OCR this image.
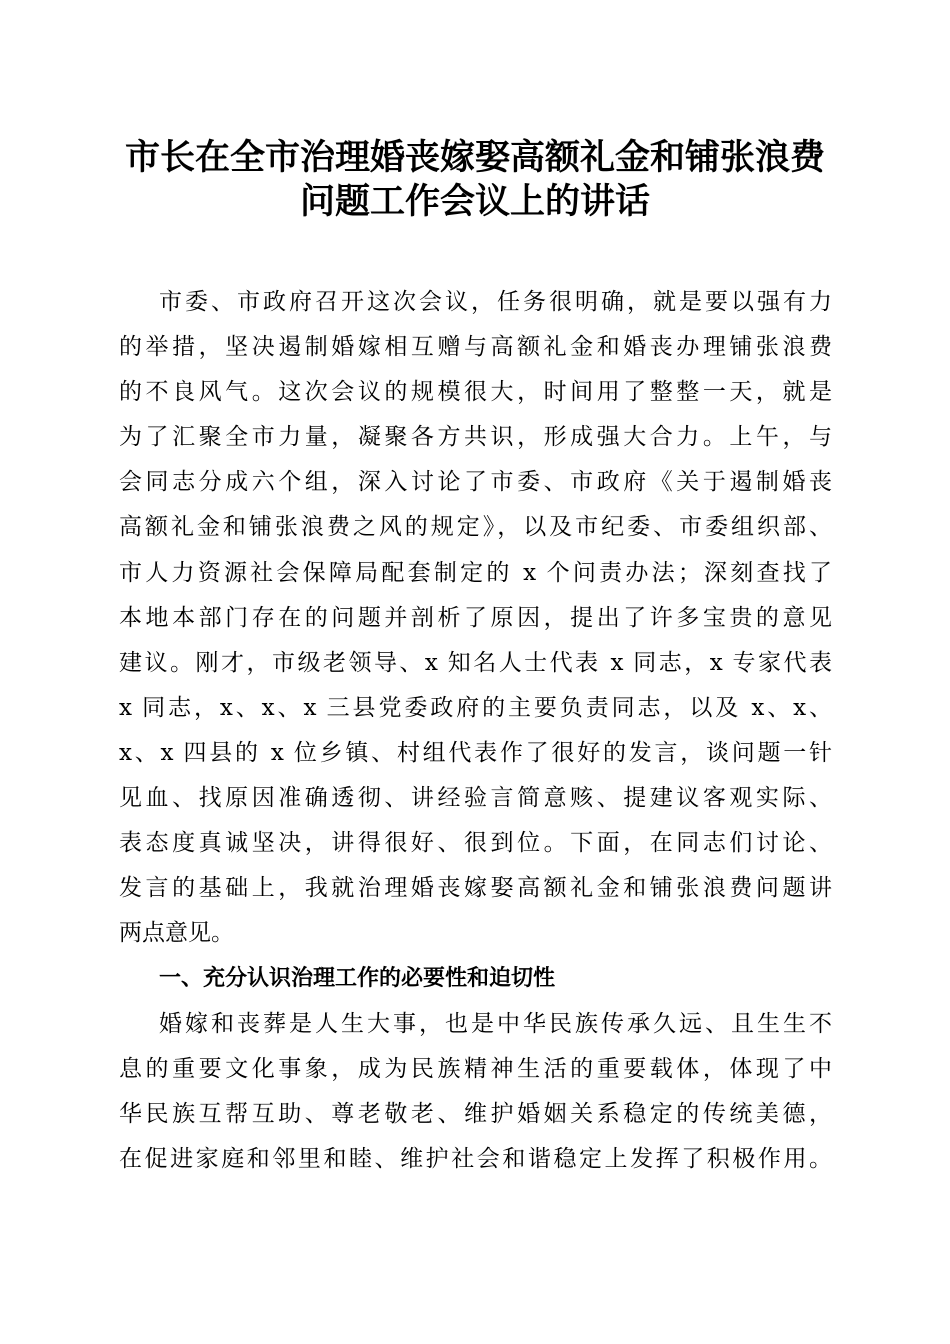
市长在全市治理婚丧嫁娶高额礼金和铺张浪费
问题工作会议上的讲话
市委、市政府召开这次会议，任务很明确，就是要以强有力
的举措，坚决遏制婚嫁相互赠与高额礼金和婚丧办理铺张浪费
的不良风气。这次会议的规模很大，时间用了整整一天，就是
为了汇聚全市力量，凝聚各方共识，形成强大合力。上午，与
会同志分成六个组，深入讨论了市委、市政府《关于遏制婚丧
高额礼金和铺张浪费之风的规定》，以及市纪委、市委组织部、
市人力资源社会保障局配套制定的 x 个问责办法；深刻查找了
本地本部门存在的问题并剖析了原因，提出了许多宝贵的意见
建议。刚才，市级老领导、x 知名人士代表 x 同志，x 专家代表
x 同志，x、x、x 三县党委政府的主要负责同志，以及 x、x、
x、x 四县的 x 位乡镇、村组代表作了很好的发言，谈问题一针
见血、找原因准确透彻、讲经验言简意赅、提建议客观实际、
表态度真诚坚决，讲得很好、很到位。下面，在同志们讨论、
发言的基础上，我就治理婚丧嫁娶高额礼金和铺张浪费问题讲
两点意见。
一、充分认识治理工作的必要性和迫切性
婚嫁和丧葬是人生大事，也是中华民族传承久远、且生生不
息的重要文化事象，成为民族精神生活的重要载体，体现了中
华民族互帮互助、尊老敬老、维护婚姻关系稳定的传统美德，
在促进家庭和邻里和睦、维护社会和谐稳定上发挥了积极作用。
